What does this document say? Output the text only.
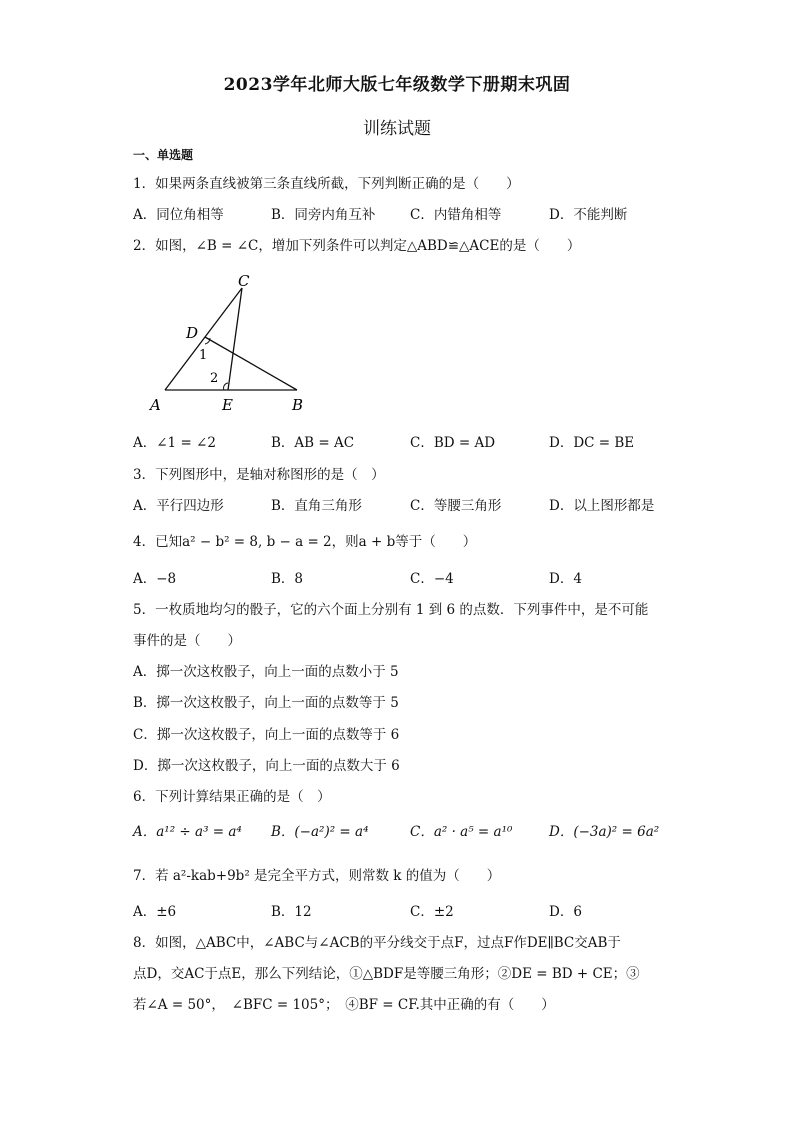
2023学年北师大版七年级数学下册期末巩固
训练试题
一、单选题
1．如果两条直线被第三条直线所截，下列判断正确的是（　　）
A．同位角相等	B．同旁内角互补	C．内错角相等	D．不能判断
2．如图，∠B = ∠C，增加下列条件可以判定△ABD≌△ACE的是（　　）
C
D
1
2
A	E	B
A．∠1 = ∠2	B．AB = AC	C．BD = AD	D．DC = BE
3．下列图形中，是轴对称图形的是（　）
A．平行四边形	B．直角三角形	C．等腰三角形	D．以上图形都是
4．已知a² − b² = 8, b − a = 2，则a + b等于（　　）
A．−8	B．8	C．−4	D．4
5．一枚质地均匀的骰子，它的六个面上分别有 1 到 6 的点数．下列事件中，是不可能
事件的是（　　）
A．掷一次这枚骰子，向上一面的点数小于 5
B．掷一次这枚骰子，向上一面的点数等于 5
C．掷一次这枚骰子，向上一面的点数等于 6
D．掷一次这枚骰子，向上一面的点数大于 6
6．下列计算结果正确的是（　）
A．a¹² ÷ a³ = a⁴ B．(−a²)² = a⁴	C．a² · a⁵ = a¹⁰	D．(−3a)² = 6a²
7．若 a²-kab+9b² 是完全平方式，则常数 k 的值为（　　）
A．±6	B．12	C．±2	D．6
8．如图，△ABC中，∠ABC与∠ACB的平分线交于点F，过点F作DE∥BC交AB于
点D，交AC于点E，那么下列结论，①△BDF是等腰三角形；②DE = BD + CE；③
若∠A = 50°，　∠BFC = 105°；　④BF = CF.其中正确的有（　　）
